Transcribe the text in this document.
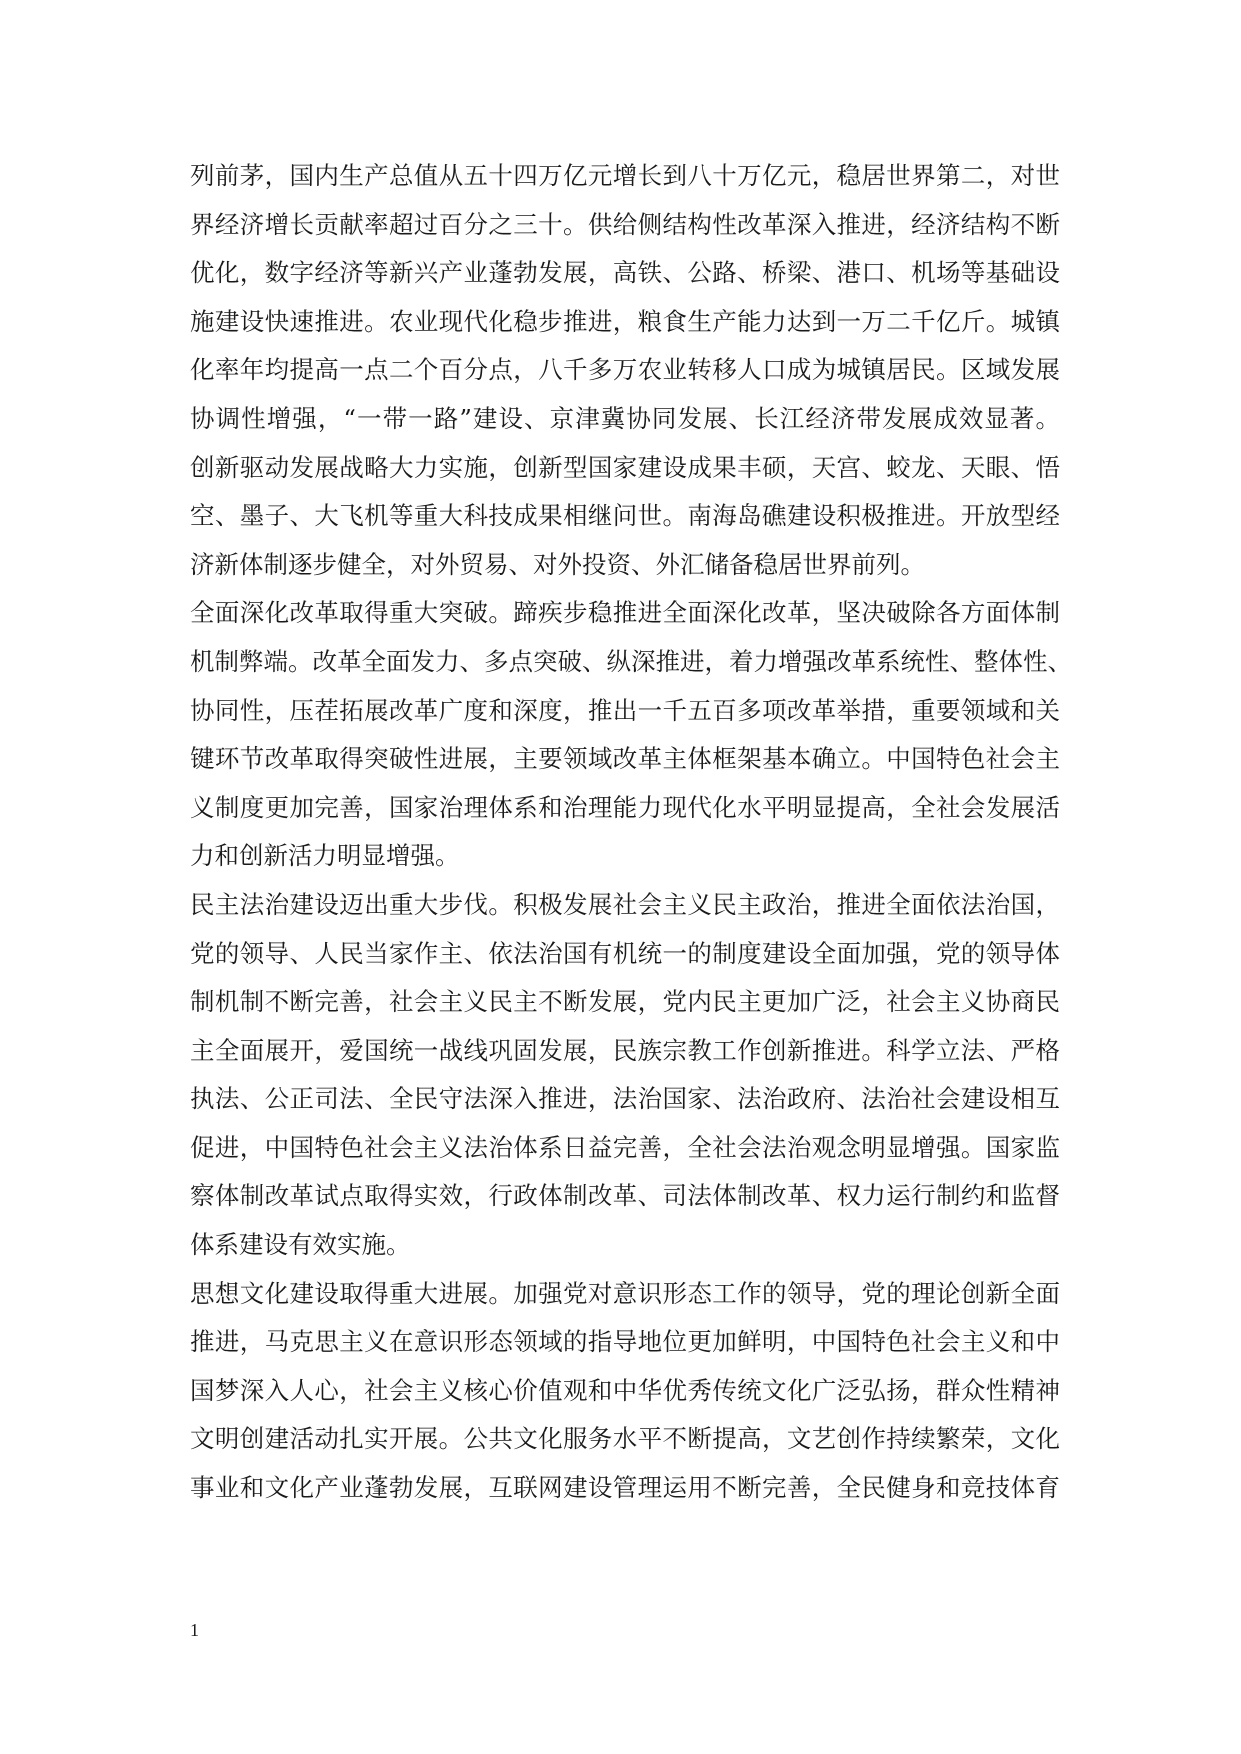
列前茅，国内生产总值从五十四万亿元增长到八十万亿元，稳居世界第二，对世
界经济增长贡献率超过百分之三十。供给侧结构性改革深入推进，经济结构不断
优化，数字经济等新兴产业蓬勃发展，高铁、公路、桥梁、港口、机场等基础设
施建设快速推进。农业现代化稳步推进，粮食生产能力达到一万二千亿斤。城镇
化率年均提高一点二个百分点，八千多万农业转移人口成为城镇居民。区域发展
协调性增强，“一带一路”建设、京津冀协同发展、长江经济带发展成效显著。
创新驱动发展战略大力实施，创新型国家建设成果丰硕，天宫、蛟龙、天眼、悟
空、墨子、大飞机等重大科技成果相继问世。南海岛礁建设积极推进。开放型经
济新体制逐步健全，对外贸易、对外投资、外汇储备稳居世界前列。
全面深化改革取得重大突破。蹄疾步稳推进全面深化改革，坚决破除各方面体制
机制弊端。改革全面发力、多点突破、纵深推进，着力增强改革系统性、整体性、
协同性，压茬拓展改革广度和深度，推出一千五百多项改革举措，重要领域和关
键环节改革取得突破性进展，主要领域改革主体框架基本确立。中国特色社会主
义制度更加完善，国家治理体系和治理能力现代化水平明显提高，全社会发展活
力和创新活力明显增强。
民主法治建设迈出重大步伐。积极发展社会主义民主政治，推进全面依法治国，
党的领导、人民当家作主、依法治国有机统一的制度建设全面加强，党的领导体
制机制不断完善，社会主义民主不断发展，党内民主更加广泛，社会主义协商民
主全面展开，爱国统一战线巩固发展，民族宗教工作创新推进。科学立法、严格
执法、公正司法、全民守法深入推进，法治国家、法治政府、法治社会建设相互
促进，中国特色社会主义法治体系日益完善，全社会法治观念明显增强。国家监
察体制改革试点取得实效，行政体制改革、司法体制改革、权力运行制约和监督
体系建设有效实施。
思想文化建设取得重大进展。加强党对意识形态工作的领导，党的理论创新全面
推进，马克思主义在意识形态领域的指导地位更加鲜明，中国特色社会主义和中
国梦深入人心，社会主义核心价值观和中华优秀传统文化广泛弘扬，群众性精神
文明创建活动扎实开展。公共文化服务水平不断提高，文艺创作持续繁荣，文化
事业和文化产业蓬勃发展，互联网建设管理运用不断完善，全民健身和竞技体育
1
